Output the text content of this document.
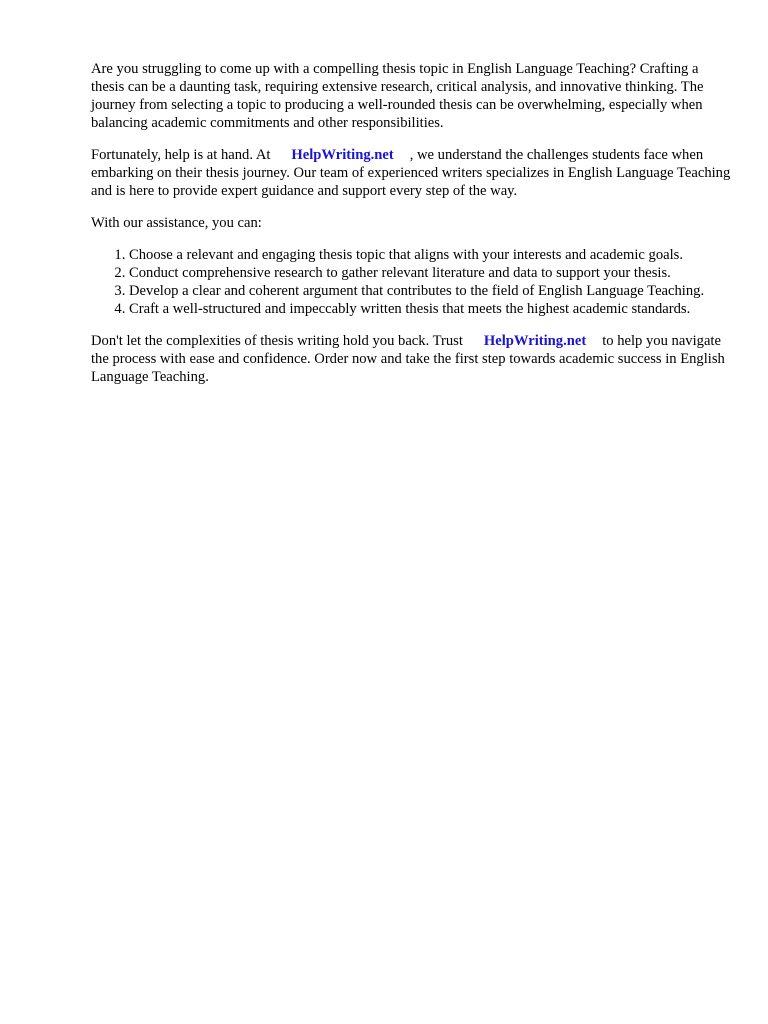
Are you struggling to come up with a compelling thesis topic in English Language Teaching? Crafting a thesis can be a daunting task, requiring extensive research, critical analysis, and innovative thinking. The journey from selecting a topic to producing a well-rounded thesis can be overwhelming, especially when balancing academic commitments and other responsibilities.

Fortunately, help is at hand. At HelpWriting.net , we understand the challenges students face when embarking on their thesis journey. Our team of experienced writers specializes in English Language Teaching and is here to provide expert guidance and support every step of the way.

With our assistance, you can:

1. Choose a relevant and engaging thesis topic that aligns with your interests and academic goals.
2. Conduct comprehensive research to gather relevant literature and data to support your thesis.
3. Develop a clear and coherent argument that contributes to the field of English Language Teaching.
4. Craft a well-structured and impeccably written thesis that meets the highest academic standards.

Don't let the complexities of thesis writing hold you back. Trust HelpWriting.net to help you navigate the process with ease and confidence. Order now and take the first step towards academic success in English Language Teaching.
